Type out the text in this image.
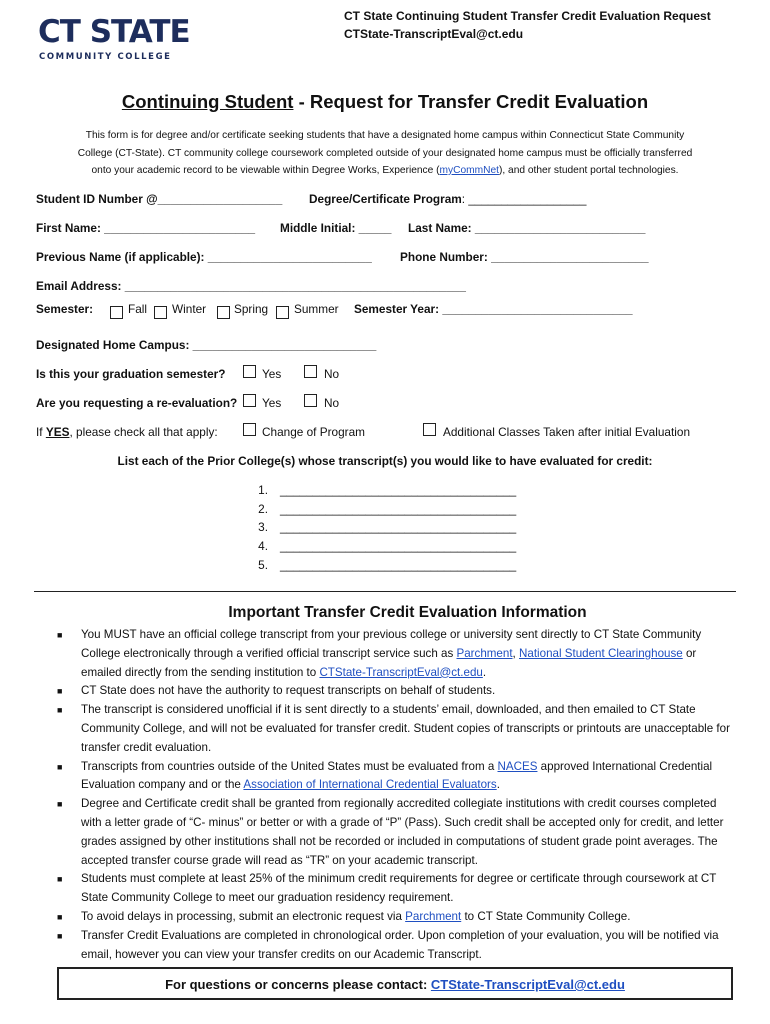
CT STATE
COMMUNITY COLLEGE
CT State Continuing Student Transfer Credit Evaluation Request
CTState-TranscriptEval@ct.edu
Continuing Student - Request for Transfer Credit Evaluation
This form is for degree and/or certificate seeking students that have a designated home campus within Connecticut State Community
College (CT-State). CT community college coursework completed outside of your designated home campus must be officially transferred
onto your academic record to be viewable within Degree Works, Experience (myCommNet), and other student portal technologies.
Student ID Number @___________________ Degree/Certificate Program: __________________
First Name: _______________________ Middle Initial: _____ Last Name: __________________________
Previous Name (if applicable): _________________________ Phone Number: ________________________
Email Address: ____________________________________________________
Semester:	Fall Winter Spring Summer Semester Year: _____________________________
Designated Home Campus: ____________________________
Is this your graduation semester?	Yes	No
Are you requesting a re-evaluation? Yes	No
If YES, please check all that apply:	Change of Program	Additional Classes Taken after initial Evaluation
List each of the Prior College(s) whose transcript(s) you would like to have evaluated for credit:
1. ____________________________________
2. ____________________________________
3. ____________________________________
4. ____________________________________
5. ____________________________________
Important Transfer Credit Evaluation Information
■ You MUST have an official college transcript from your previous college or university sent directly to CT State Community College electronically through a verified official transcript service such as Parchment, National Student Clearinghouse or emailed directly from the sending institution to CTState-TranscriptEval@ct.edu.
■ CT State does not have the authority to request transcripts on behalf of students.
■ The transcript is considered unofficial if it is sent directly to a students’ email, downloaded, and then emailed to CT State Community College, and will not be evaluated for transfer credit. Student copies of transcripts or printouts are unacceptable for transfer credit evaluation.
■ Transcripts from countries outside of the United States must be evaluated from a NACES approved International Credential Evaluation company and or the Association of International Credential Evaluators.
■ Degree and Certificate credit shall be granted from regionally accredited collegiate institutions with credit courses completed with a letter grade of “C- minus” or better or with a grade of “P” (Pass). Such credit shall be accepted only for credit, and letter grades assigned by other institutions shall not be recorded or included in computations of student grade point averages. The accepted transfer course grade will read as “TR” on your academic transcript.
■ Students must complete at least 25% of the minimum credit requirements for degree or certificate through coursework at CT State Community College to meet our graduation residency requirement.
■ To avoid delays in processing, submit an electronic request via Parchment to CT State Community College.
■ Transfer Credit Evaluations are completed in chronological order. Upon completion of your evaluation, you will be notified via email, however you can view your transfer credits on our Academic Transcript.
For questions or concerns please contact: CTState-TranscriptEval@ct.edu
